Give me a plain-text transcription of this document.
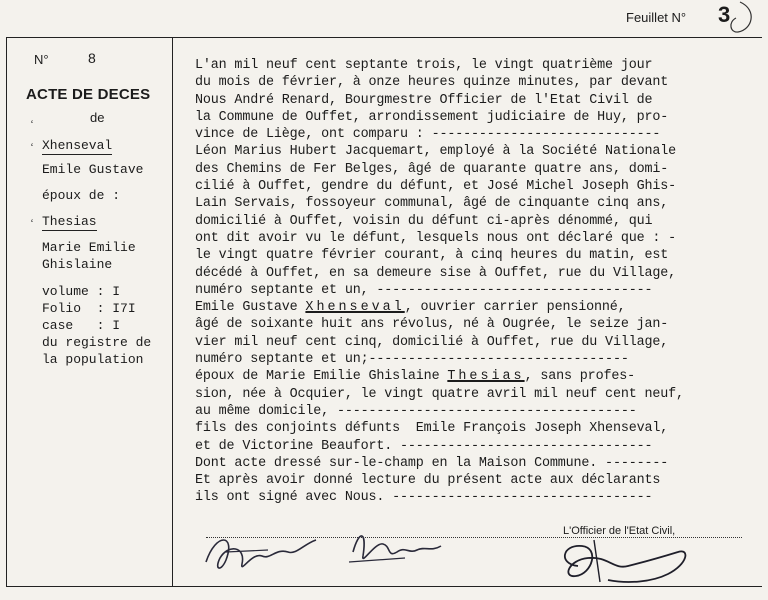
Feuillet N° 3
N°	8
ACTE DE DECES
de
Xhenseval
Emile Gustave
époux de :
Thesias
Marie Emilie
Ghislaine
volume : I
Folio  : I7I
case   : I
du registre de
la population
‘
‘
‘
L'an mil neuf cent septante trois, le vingt quatrième jour
du mois de février, à onze heures quinze minutes, par devant
Nous André Renard, Bourgmestre Officier de l'Etat Civil de
la Commune de Ouffet, arrondissement judiciaire de Huy, pro-
vince de Liège, ont comparu : -----------------------------
Léon Marius Hubert Jacquemart, employé à la Société Nationale
des Chemins de Fer Belges, âgé de quarante quatre ans, domi-
cilié à Ouffet, gendre du défunt, et José Michel Joseph Ghis-
Lain Servais, fossoyeur communal, âgé de cinquante cinq ans,
domicilié à Ouffet, voisin du défunt ci-après dénommé, qui
ont dit avoir vu le défunt, lesquels nous ont déclaré que : -
le vingt quatre février courant, à cinq heures du matin, est
décédé à Ouffet, en sa demeure sise à Ouffet, rue du Village,
numéro septante et un, -----------------------------------
Emile Gustave Xhenseval, ouvrier carrier pensionné,
âgé de soixante huit ans révolus, né à Ougrée, le seize jan-
vier mil neuf cent cinq, domicilié à Ouffet, rue du Village,
numéro septante et un;---------------------------------
époux de Marie Emilie Ghislaine Thesias, sans profes-
sion, née à Ocquier, le vingt quatre avril mil neuf cent neuf,
au même domicile, --------------------------------------
fils des conjoints défunts  Emile François Joseph Xhenseval,
et de Victorine Beaufort. --------------------------------
Dont acte dressé sur-le-champ en la Maison Commune. --------
Et après avoir donné lecture du présent acte aux déclarants
ils ont signé avec Nous. ---------------------------------
L'Officier de l'Etat Civil,
